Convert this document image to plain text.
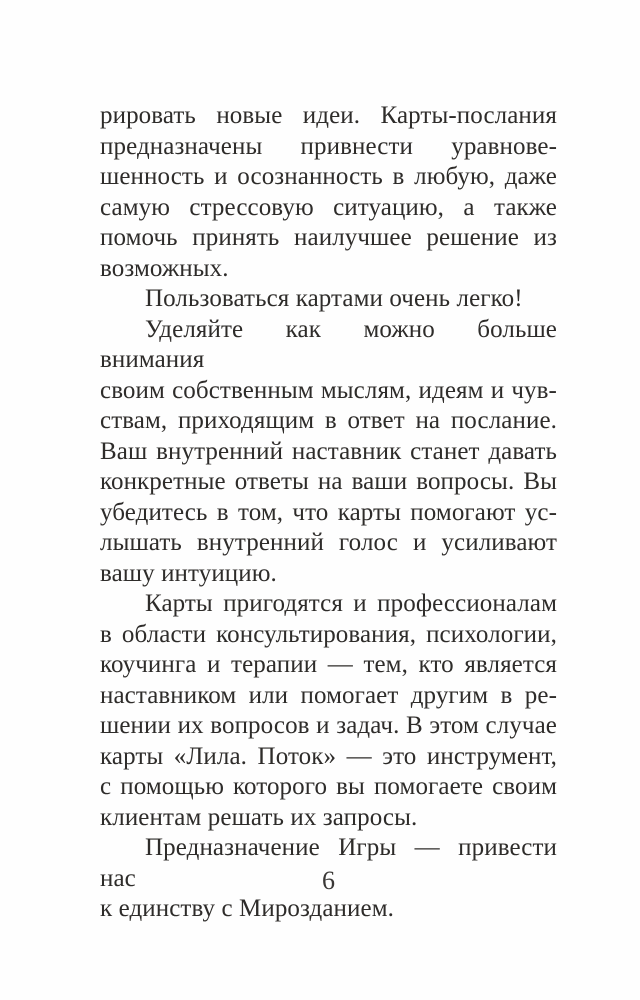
рировать новые идеи. Карты-послания
предназначены привнести уравнове-
шенность и осознанность в любую, даже
самую стрессовую ситуацию, а также
помочь принять наилучшее решение из
возможных.
Пользоваться картами очень легко!
Уделяйте как можно больше внимания
своим собственным мыслям, идеям и чув-
ствам, приходящим в ответ на послание.
Ваш внутренний наставник станет давать
конкретные ответы на ваши вопросы. Вы
убедитесь в том, что карты помогают ус-
лышать внутренний голос и усиливают
вашу интуицию.
Карты пригодятся и профессионалам
в области консультирования, психологии,
коучинга и терапии — тем, кто является
наставником или помогает другим в ре-
шении их вопросов и задач. В этом случае
карты «Лила. Поток» — это инструмент,
с помощью которого вы помогаете своим
клиентам решать их запросы.
Предназначение Игры — привести нас
к единству с Мирозданием.
6
